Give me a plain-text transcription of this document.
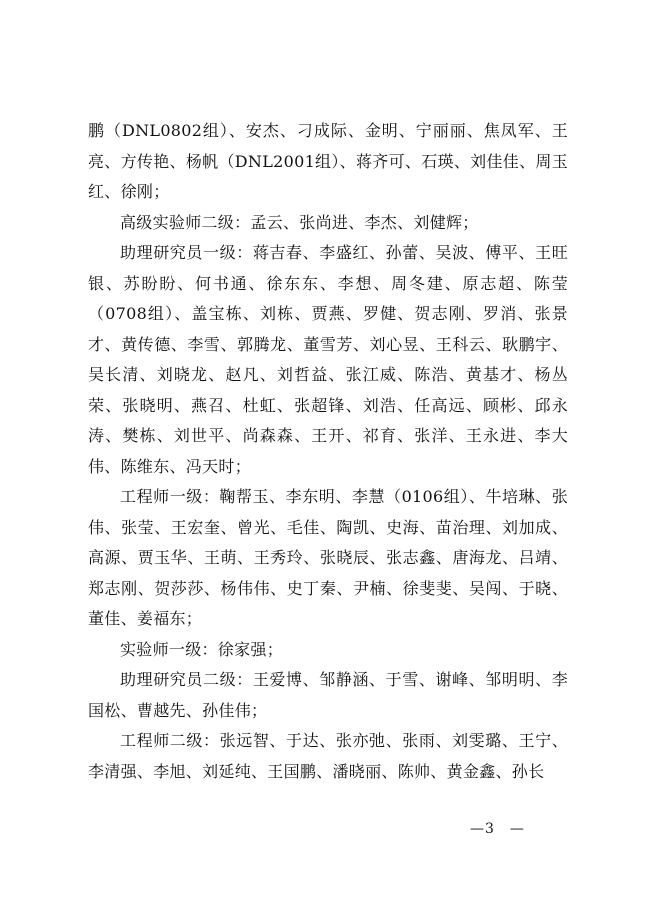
鹏（DNL0802组）、安杰、刁成际、金明、宁丽丽、焦凤军、王亮、方传艳、杨帆（DNL2001组）、蒋齐可、石瑛、刘佳佳、周玉红、徐刚；

高级实验师二级：孟云、张尚进、李杰、刘健辉；

助理研究员一级：蒋吉春、李盛红、孙蕾、吴波、傅平、王旺银、苏盼盼、何书通、徐东东、李想、周冬建、原志超、陈莹（0708组）、盖宝栋、刘栋、贾燕、罗健、贺志刚、罗消、张景才、黄传德、李雪、郭腾龙、董雪芳、刘心昱、王科云、耿鹏宇、吴长清、刘晓龙、赵凡、刘哲益、张江威、陈浩、黄基才、杨丛荣、张晓明、燕召、杜虹、张超锋、刘浩、任高远、顾彬、邱永涛、樊栋、刘世平、尚森森、王开、祁育、张洋、王永进、李大伟、陈维东、冯天时；

工程师一级：鞠帮玉、李东明、李慧（0106组）、牛培琳、张伟、张莹、王宏奎、曾光、毛佳、陶凯、史海、苗治理、刘加成、高源、贾玉华、王萌、王秀玲、张晓辰、张志鑫、唐海龙、吕靖、郑志刚、贺莎莎、杨伟伟、史丁秦、尹楠、徐斐斐、吴闯、于晓、董佳、姜福东；

实验师一级：徐家强；

助理研究员二级：王爱博、邹静涵、于雪、谢峰、邹明明、李国松、曹越先、孙佳伟；

工程师二级：张远智、于达、张亦弛、张雨、刘雯璐、王宁、李清强、李旭、刘延纯、王国鹏、潘晓丽、陈帅、黄金鑫、孙长

—3　—
